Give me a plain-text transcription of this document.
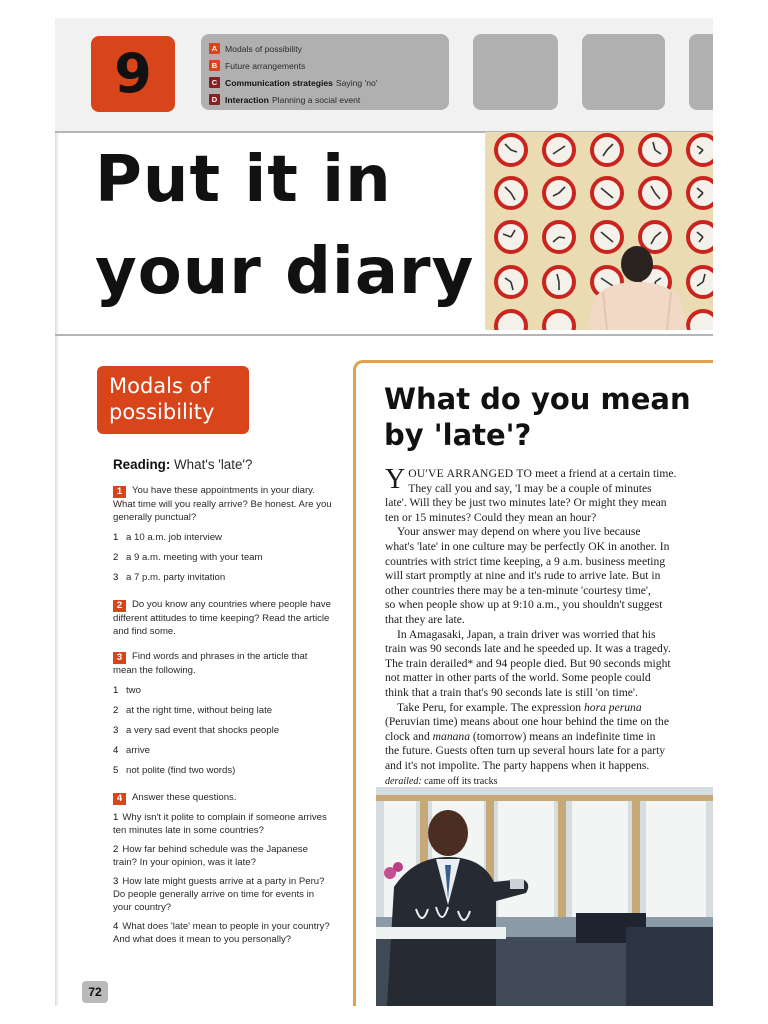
9	A Modals of possibility
B Future arrangements
C Communication strategies Saying 'no'
D Interaction Planning a social event
Put it in
your diary
Modals of
possibility
Reading: What's 'late'?
1 You have these appointments in your diary. What time will you really arrive? Be honest. Are you generally punctual?
1 a 10 a.m. job interview
2 a 9 a.m. meeting with your team
3 a 7 p.m. party invitation
2 Do you know any countries where people have different attitudes to time keeping? Read the article and find some.
3 Find words and phrases in the article that mean the following.
1 two
2 at the right time, without being late
3 a very sad event that shocks people
4 arrive
5 not polite (find two words)
4 Answer these questions.
1 Why isn't it polite to complain if someone arrives ten minutes late in some countries?
2 How far behind schedule was the Japanese train? In your opinion, was it late?
3 How late might guests arrive at a party in Peru? Do people generally arrive on time for events in your country?
4 What does 'late' mean to people in your country? And what does it mean to you personally?
What do you mean
by 'late'?

YOU'VE ARRANGED TO meet a friend at a certain time.

They call you and say, 'I may be a couple of minutes

late'. Will they be just two minutes late? Or might they mean

ten or 15 minutes? Could they mean an hour?

Your answer may depend on where you live because

what's 'late' in one culture may be perfectly OK in another. In

countries with strict time keeping, a 9 a.m. business meeting

will start promptly at nine and it's rude to arrive late. But in

other countries there may be a ten-minute 'courtesy time',

so when people show up at 9:10 a.m., you shouldn't suggest

that they are late.

In Amagasaki, Japan, a train driver was worried that his

train was 90 seconds late and he speeded up. It was a tragedy.

The train derailed* and 94 people died. But 90 seconds might

not matter in other parts of the world. Some people could

think that a train that's 90 seconds late is still 'on time'.

Take Peru, for example. The expression hora peruna

(Peruvian time) means about one hour behind the time on the

clock and manana (tomorrow) means an indefinite time in

the future. Guests often turn up several hours late for a party

and it's not impolite. The party happens when it happens.

derailed: came off its tracks

72
